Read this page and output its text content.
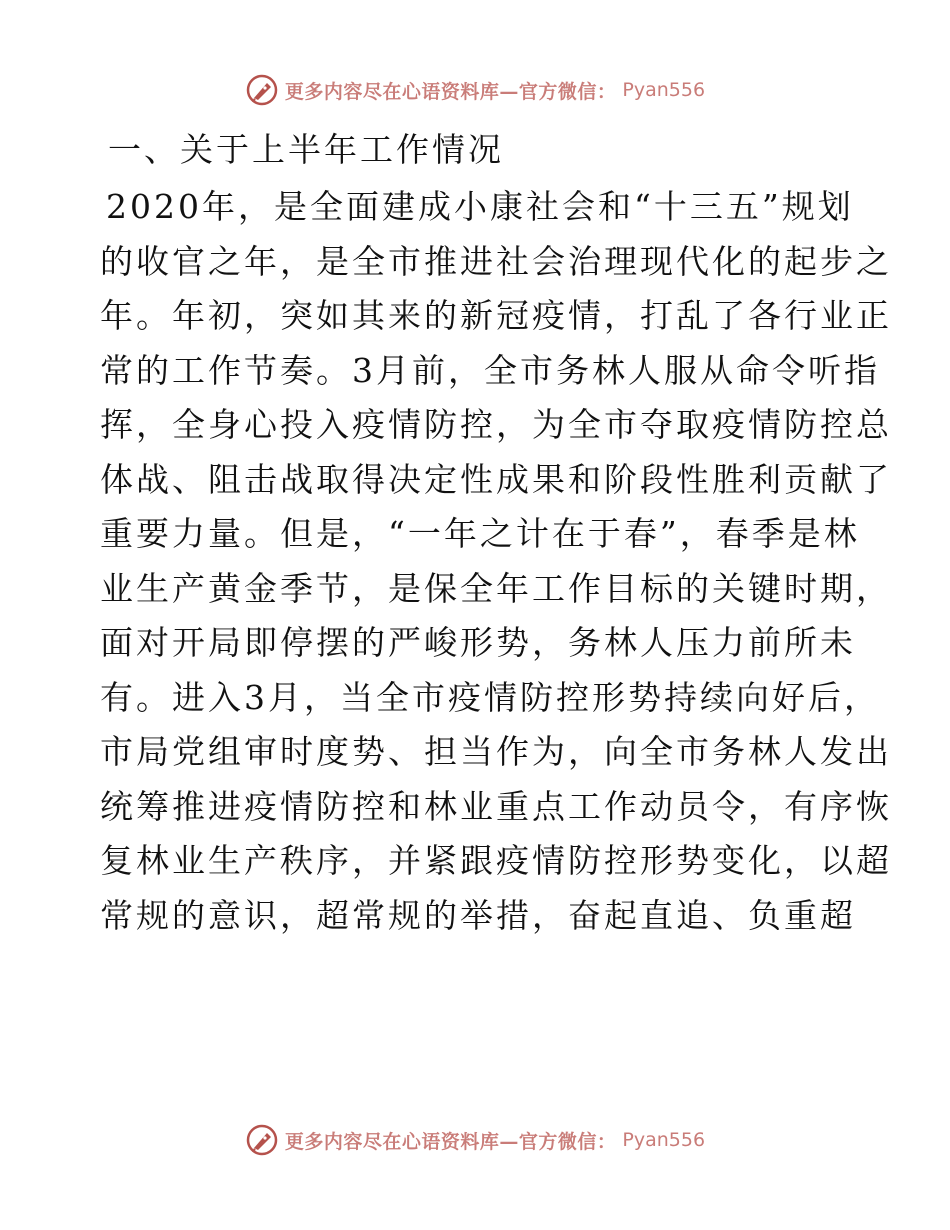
更多内容尽在心语资料库—官方微信： Pyan556
一、关于上半年工作情况
2020年，是全面建成小康社会和“十三五”规划
的收官之年，是全市推进社会治理现代化的起步之
年。年初，突如其来的新冠疫情，打乱了各行业正
常的工作节奏。3月前，全市务林人服从命令听指
挥，全身心投入疫情防控，为全市夺取疫情防控总
体战、阻击战取得决定性成果和阶段性胜利贡献了
重要力量。但是，“一年之计在于春”，春季是林
业生产黄金季节，是保全年工作目标的关键时期，
面对开局即停摆的严峻形势，务林人压力前所未
有。进入3月，当全市疫情防控形势持续向好后，
市局党组审时度势、担当作为，向全市务林人发出
统筹推进疫情防控和林业重点工作动员令，有序恢
复林业生产秩序，并紧跟疫情防控形势变化，以超
常规的意识，超常规的举措，奋起直追、负重超
更多内容尽在心语资料库—官方微信： Pyan556
